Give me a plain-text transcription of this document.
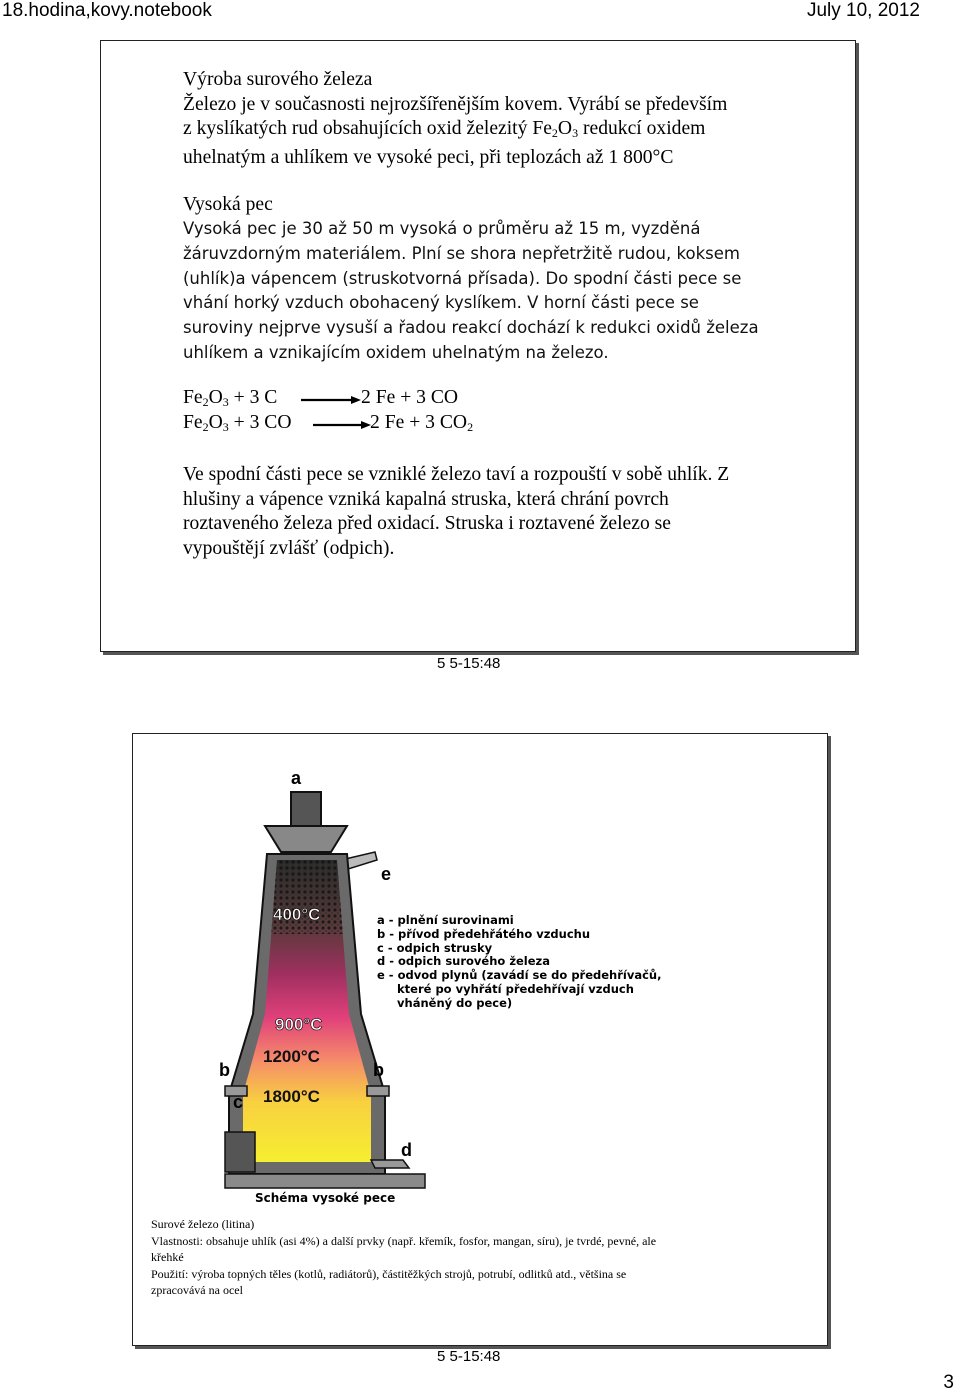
18.hodina,kovy.notebook	July 10, 2012
Výroba surového železa
Železo je v současnosti nejrozšířenějším kovem. Vyrábí se především
z kyslíkatých rud obsahujících oxid železitý $Fe_2O_3$ redukcí oxidem
uhelnatým a uhlíkem ve vysoké peci, při teplozách až 1 800°C
Vysoká pec
Vysoká pec je 30 až 50 m vysoká o průměru až 15 m, vyzděná
žáruvzdorným materiálem. Plní se shora nepřetržitě rudou, koksem
(uhlík)a vápencem (struskotvorná přísada). Do spodní části pece se
vhání horký vzduch obohacený kyslíkem. V horní části pece se
suroviny nejprve vysuší a řadou reakcí dochází k redukci oxidů železa
uhlíkem a vznikajícím oxidem uhelnatým na železo.
$Fe_2O_3 + 3$ C → 2 Fe + 3 CO
$Fe_2O_3 + 3$ CO → 2 Fe + 3 $CO_2$
Ve spodní části pece se vzniklé železo taví a rozpouští v sobě uhlík. Z
hlušiny a vápence vzniká kapalná struska, která chrání povrch
roztaveného železa před oxidací. Struska i roztavené železo se
vypouštějí zvlášť (odpich).
5 5-15:48
a
e
b	b
c
d
400°C
900°C
1200°C
1800°C
a - plnění surovinami
b - přívod předehřátého vzduchu
c - odpich strusky
d - odpich surového železa
e - odvod plynů (zavádí se do předehřívačů,
které po vyhřátí předehřívají vzduch
vháněný do pece)
Schéma vysoké pece
Surové železo (litina)
Vlastnosti: obsahuje uhlík (asi 4%) a další prvky (např. křemík, fosfor, mangan, síru), je tvrdé, pevné, ale
křehké
Použití: výroba topných těles (kotlů, radiátorů), částitěžkých strojů, potrubí, odlitků atd., většina se
zpracovává na ocel
5 5-15:48
3
